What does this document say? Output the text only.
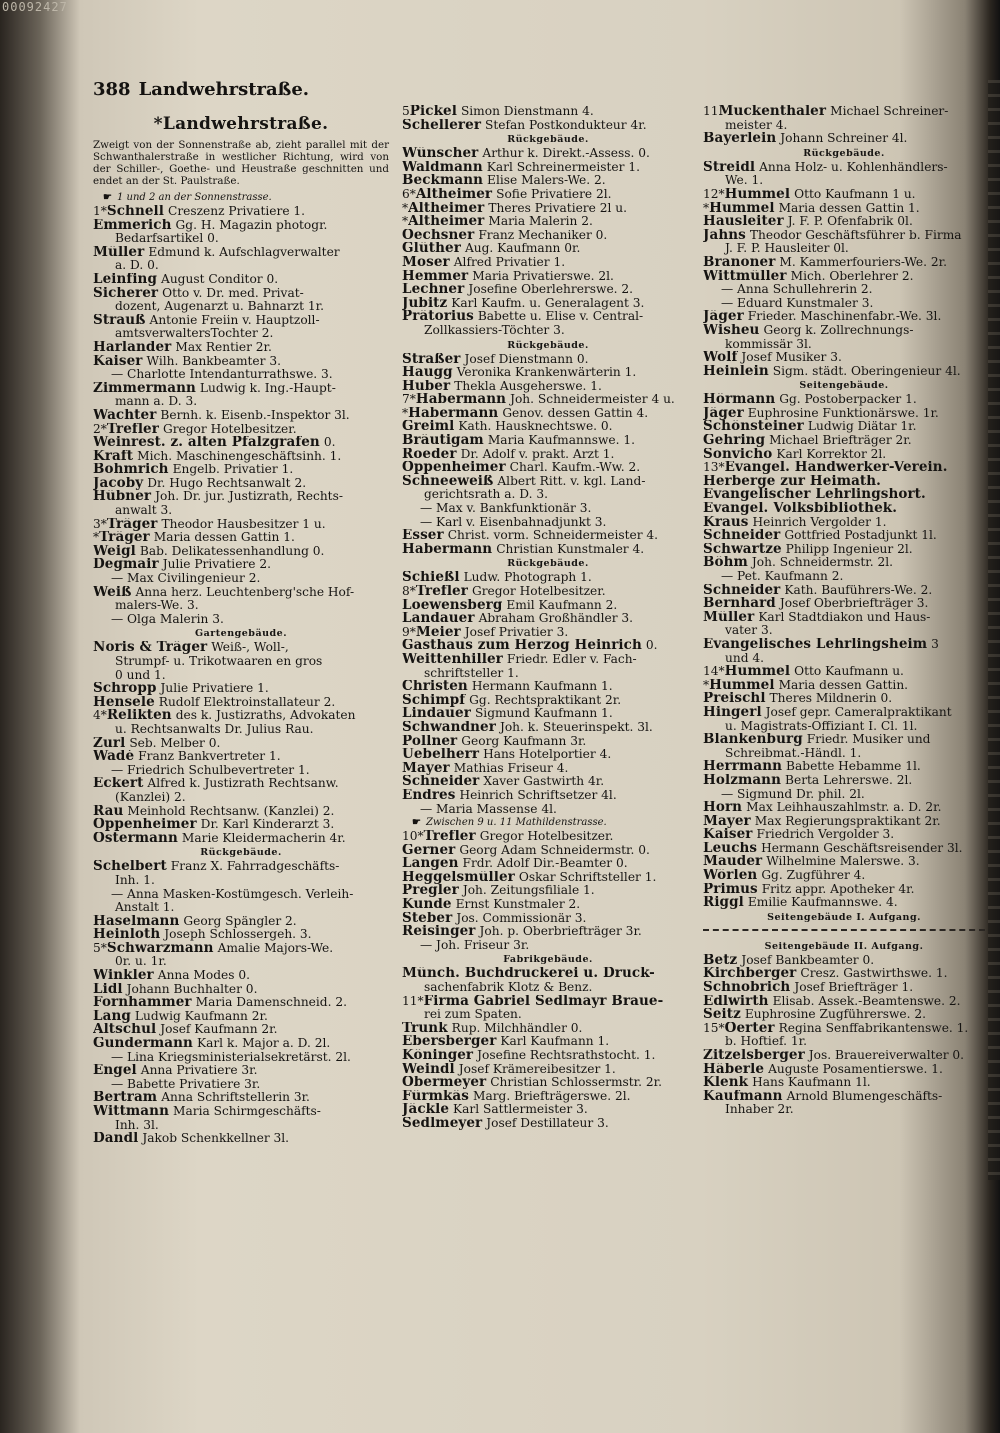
00092427
388 Landwehrstraße.
*Landwehrstraße.
Zweigt von der Sonnenstraße ab, zieht parallel mit der Schwanthalerstraße in westlicher Richtung, wird von der Schiller-, Goethe- und Heustraße geschnitten und endet an der St. Paulstraße.
☛ 1 und 2 an der Sonnenstrasse.
1*Schnell Creszenz Privatiere 1.
Emmerich Gg. H. Magazin photogr.
Bedarfsartikel 0.
Müller Edmund k. Aufschlagverwalter
a. D. 0.
Leinfing August Conditor 0.
Sicherer Otto v. Dr. med. Privat-
dozent, Augenarzt u. Bahnarzt 1r.
Strauß Antonie Freiin v. Hauptzoll-
amtsverwaltersTochter 2.
Harlander Max Rentier 2r.
Kaiser Wilh. Bankbeamter 3.
— Charlotte Intendanturrathswe. 3.
Zimmermann Ludwig k. Ing.-Haupt-
mann a. D. 3.
Wachter Bernh. k. Eisenb.-Inspektor 3l.
2*Trefler Gregor Hotelbesitzer.
Weinrest. z. alten Pfalzgrafen 0.
Kraft Mich. Maschinengeschäftsinh. 1.
Bohmrich Engelb. Privatier 1.
Jacoby Dr. Hugo Rechtsanwalt 2.
Hübner Joh. Dr. jur. Justizrath, Rechts-
anwalt 3.
3*Träger Theodor Hausbesitzer 1 u.
*Träger Maria dessen Gattin 1.
Weigl Bab. Delikatessenhandlung 0.
Degmair Julie Privatiere 2.
— Max Civilingenieur 2.
Weiß Anna herz. Leuchtenberg'sche Hof-
malers-We. 3.
— Olga Malerin 3.
Gartengebäude.
Noris & Träger Weiß-, Woll-,
Strumpf- u. Trikotwaaren en gros
0 und 1.
Schropp Julie Privatiere 1.
Hensele Rudolf Elektroinstallateur 2.
4*Relikten des k. Justizraths, Advokaten
u. Rechtsanwalts Dr. Julius Rau.
Zurl Seb. Melber 0.
Wadé Franz Bankvertreter 1.
— Friedrich Schulbevertreter 1.
Eckert Alfred k. Justizrath Rechtsanw.
(Kanzlei) 2.
Rau Meinhold Rechtsanw. (Kanzlei) 2.
Oppenheimer Dr. Karl Kinderarzt 3.
Ostermann Marie Kleidermacherin 4r.
Rückgebäude.
Schelbert Franz X. Fahrradgeschäfts-
Inh. 1.
— Anna Masken-Kostümgesch. Verleih-
Anstalt 1.
Haselmann Georg Spängler 2.
Heinloth Joseph Schlossergeh. 3.
5*Schwarzmann Amalie Majors-We.
0r. u. 1r.
Winkler Anna Modes 0.
Lidl Johann Buchhalter 0.
Fornhammer Maria Damenschneid. 2.
Lang Ludwig Kaufmann 2r.
Altschul Josef Kaufmann 2r.
Gundermann Karl k. Major a. D. 2l.
— Lina Kriegsministerialsekretärst. 2l.
Engel Anna Privatiere 3r.
— Babette Privatiere 3r.
Bertram Anna Schriftstellerin 3r.
Wittmann Maria Schirmgeschäfts-
Inh. 3l.
Dandl Jakob Schenkkellner 3l.
5Pickel Simon Dienstmann 4.
Schellerer Stefan Postkondukteur 4r.
Rückgebäude.
Wünscher Arthur k. Direkt.-Assess. 0.
Waldmann Karl Schreinermeister 1.
Beckmann Elise Malers-We. 2.
6*Altheimer Sofie Privatiere 2l.
*Altheimer Theres Privatiere 2l u.
*Altheimer Maria Malerin 2.
Oechsner Franz Mechaniker 0.
Glüther Aug. Kaufmann 0r.
Moser Alfred Privatier 1.
Hemmer Maria Privatierswe. 2l.
Lechner Josefine Oberlehrerswe. 2.
Jubitz Karl Kaufm. u. Generalagent 3.
Prätorius Babette u. Elise v. Central-
Zollkassiers-Töchter 3.
Rückgebäude.
Straßer Josef Dienstmann 0.
Haugg Veronika Krankenwärterin 1.
Huber Thekla Ausgeherswe. 1.
7*Habermann Joh. Schneidermeister 4 u.
*Habermann Genov. dessen Gattin 4.
Greiml Kath. Hausknechtswe. 0.
Bräutigam Maria Kaufmannswe. 1.
Roeder Dr. Adolf v. prakt. Arzt 1.
Oppenheimer Charl. Kaufm.-Ww. 2.
Schneeweiß Albert Ritt. v. kgl. Land-
gerichtsrath a. D. 3.
— Max v. Bankfunktionär 3.
— Karl v. Eisenbahnadjunkt 3.
Esser Christ. vorm. Schneidermeister 4.
Habermann Christian Kunstmaler 4.
Rückgebäude.
Schießl Ludw. Photograph 1.
8*Trefler Gregor Hotelbesitzer.
Loewensberg Emil Kaufmann 2.
Landauer Abraham Großhändler 3.
9*Meier Josef Privatier 3.
Gasthaus zum Herzog Heinrich 0.
Weittenhiller Friedr. Edler v. Fach-
schriftsteller 1.
Christen Hermann Kaufmann 1.
Schimpf Gg. Rechtspraktikant 2r.
Lindauer Sigmund Kaufmann 1.
Schwandner Joh. k. Steuerinspekt. 3l.
Pollner Georg Kaufmann 3r.
Uebelherr Hans Hotelportier 4.
Mayer Mathias Friseur 4.
Schneider Xaver Gastwirth 4r.
Endres Heinrich Schriftsetzer 4l.
— Maria Massense 4l.
☛ Zwischen 9 u. 11 Mathildenstrasse.
10*Trefler Gregor Hotelbesitzer.
Gerner Georg Adam Schneidermstr. 0.
Langen Frdr. Adolf Dir.-Beamter 0.
Heggelsmüller Oskar Schriftsteller 1.
Pregler Joh. Zeitungsfiliale 1.
Kunde Ernst Kunstmaler 2.
Steber Jos. Commissionär 3.
Reisinger Joh. p. Oberbriefträger 3r.
— Joh. Friseur 3r.
Fabrikgebäude.
Münch. Buchdruckerei u. Druck-
sachenfabrik Klotz & Benz.
11*Firma Gabriel Sedlmayr Braue-
rei zum Spaten.
Trunk Rup. Milchhändler 0.
Ebersberger Karl Kaufmann 1.
Köninger Josefine Rechtsrathstocht. 1.
Weindl Josef Krämereibesitzer 1.
Obermeyer Christian Schlossermstr. 2r.
Fürmkäs Marg. Briefträgerswe. 2l.
Jäckle Karl Sattlermeister 3.
Sedlmeyer Josef Destillateur 3.
11Muckenthaler Michael Schreiner-
meister 4.
Bayerlein Johann Schreiner 4l.
Rückgebäude.
Streidl Anna Holz- u. Kohlenhändlers-
We. 1.
12*Hummel Otto Kaufmann 1 u.
*Hummel Maria dessen Gattin 1.
Hausleiter J. F. P. Ofenfabrik 0l.
Jahns Theodor Geschäftsführer b. Firma
J. F. P. Hausleiter 0l.
Branoner M. Kammerfouriers-We. 2r.
Wittmüller Mich. Oberlehrer 2.
— Anna Schullehrerin 2.
— Eduard Kunstmaler 3.
Jäger Frieder. Maschinenfabr.-We. 3l.
Wisheu Georg k. Zollrechnungs-
kommissär 3l.
Wolf Josef Musiker 3.
Heinlein Sigm. städt. Oberingenieur 4l.
Seitengebäude.
Hörmann Gg. Postoberpacker 1.
Jäger Euphrosine Funktionärswe. 1r.
Schönsteiner Ludwig Diätar 1r.
Gehring Michael Briefträger 2r.
Sonvicho Karl Korrektor 2l.
13*Evangel. Handwerker-Verein.
Herberge zur Heimath.
Evangelischer Lehrlingshort.
Evangel. Volksbibliothek.
Kraus Heinrich Vergolder 1.
Schneider Gottfried Postadjunkt 1l.
Schwartze Philipp Ingenieur 2l.
Böhm Joh. Schneidermstr. 2l.
— Pet. Kaufmann 2.
Schneider Kath. Bauführers-We. 2.
Bernhard Josef Oberbriefträger 3.
Müller Karl Stadtdiakon und Haus-
vater 3.
Evangelisches Lehrlingsheim 3
und 4.
14*Hummel Otto Kaufmann u.
*Hummel Maria dessen Gattin.
Preischl Theres Mildnerin 0.
Hingerl Josef gepr. Cameralpraktikant
u. Magistrats-Offiziant I. Cl. 1l.
Blankenburg Friedr. Musiker und
Schreibmat.-Händl. 1.
Herrmann Babette Hebamme 1l.
Holzmann Berta Lehrerswe. 2l.
— Sigmund Dr. phil. 2l.
Horn Max Leihhauszahlmstr. a. D. 2r.
Mayer Max Regierungspraktikant 2r.
Kaiser Friedrich Vergolder 3.
Leuchs Hermann Geschäftsreisender 3l.
Mauder Wilhelmine Malerswe. 3.
Wörlen Gg. Zugführer 4.
Primus Fritz appr. Apotheker 4r.
Riggl Emilie Kaufmannswe. 4.
Seitengebäude I. Aufgang.
Seitengebäude II. Aufgang.
Betz Josef Bankbeamter 0.
Kirchberger Cresz. Gastwirthswe. 1.
Schnobrich Josef Briefträger 1.
Edlwirth Elisab. Assek.-Beamtenswe. 2.
Seitz Euphrosine Zugführerswe. 2.
15*Oerter Regina Senffabrikantenswe. 1.
b. Hoftief. 1r.
Zitzelsberger Jos. Brauereiverwalter 0.
Häberle Auguste Posamentierswe. 1.
Klenk Hans Kaufmann 1l.
Kaufmann Arnold Blumengeschäfts-
Inhaber 2r.
